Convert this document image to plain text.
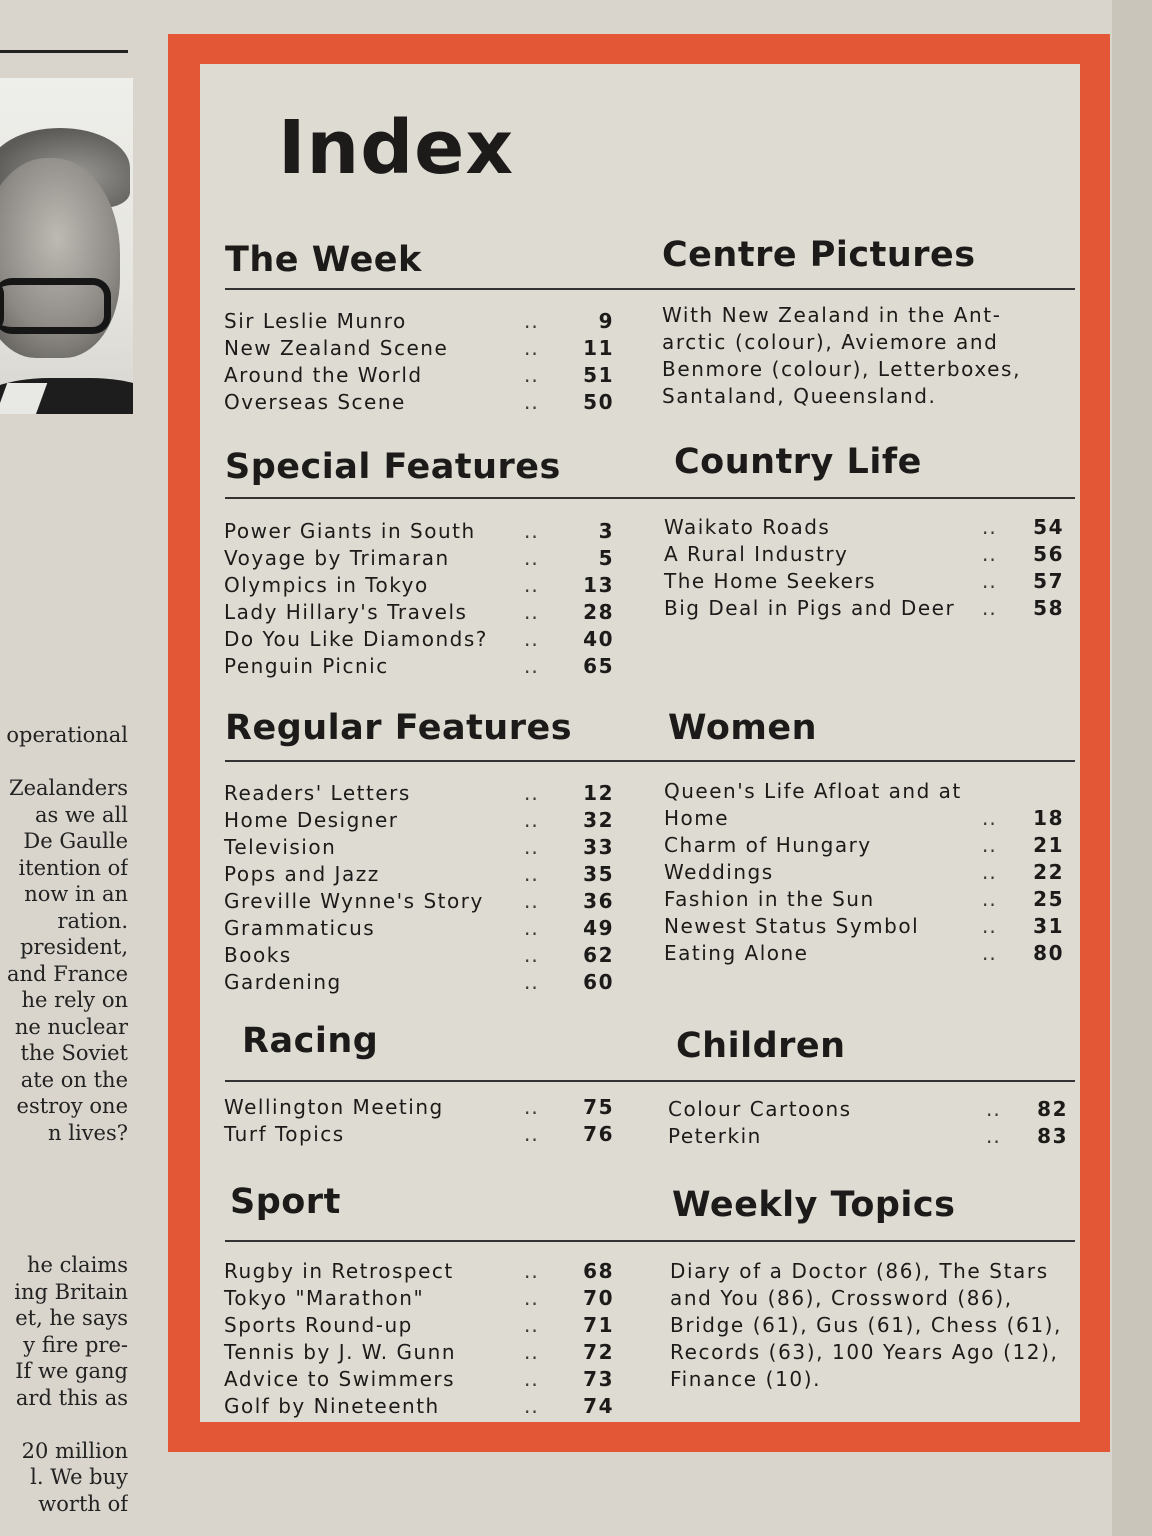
operational
Zealanders
as we all
De Gaulle
itention of
now in an
ration.
president,
and France
he rely on
ne nuclear
the Soviet
ate on the
estroy one
n lives?
he claims
ing Britain
et, he says
y fire pre-
If we gang
ard this as
20 million
l. We buy
worth of
Index
The Week	Centre Pictures
Sir Leslie Munro	..	9
New Zealand Scene	..	11
Around the World	..	51
Overseas Scene	..	50
With New Zealand in the Ant-
arctic (colour), Aviemore and
Benmore (colour), Letterboxes,
Santaland, Queensland.
Special Features	Country Life
Power Giants in South ..	3
Voyage by Trimaran	..	5
Olympics in Tokyo	..	13
Lady Hillary's Travels	..	28
Do You Like Diamonds? ..	40
Penguin Picnic	..	65
Waikato Roads	..	54
A Rural Industry	..	56
The Home Seekers	..	57
Big Deal in Pigs and Deer ..	58
Regular Features	Women
Readers' Letters	..	12
Home Designer	..	32
Television	..	33
Pops and Jazz	..	35
Greville Wynne's Story ..	36
Grammaticus	..	49
Books	..	62
Gardening	..	60
Queen's Life Afloat and at
Home	..	18
Charm of Hungary	..	21
Weddings	..	22
Fashion in the Sun	..	25
Newest Status Symbol	..	31
Eating Alone	..	80
Racing	Children
Wellington Meeting	..	75
Turf Topics	..	76
Colour Cartoons	..	82
Peterkin	..	83
Sport	Weekly Topics
Rugby in Retrospect	..	68
Tokyo "Marathon"	..	70
Sports Round-up	..	71
Tennis by J. W. Gunn	..	72
Advice to Swimmers	..	73
Golf by Nineteenth	..	74
Diary of a Doctor (86), The Stars
and You (86), Crossword (86),
Bridge (61), Gus (61), Chess (61),
Records (63), 100 Years Ago (12),
Finance (10).
